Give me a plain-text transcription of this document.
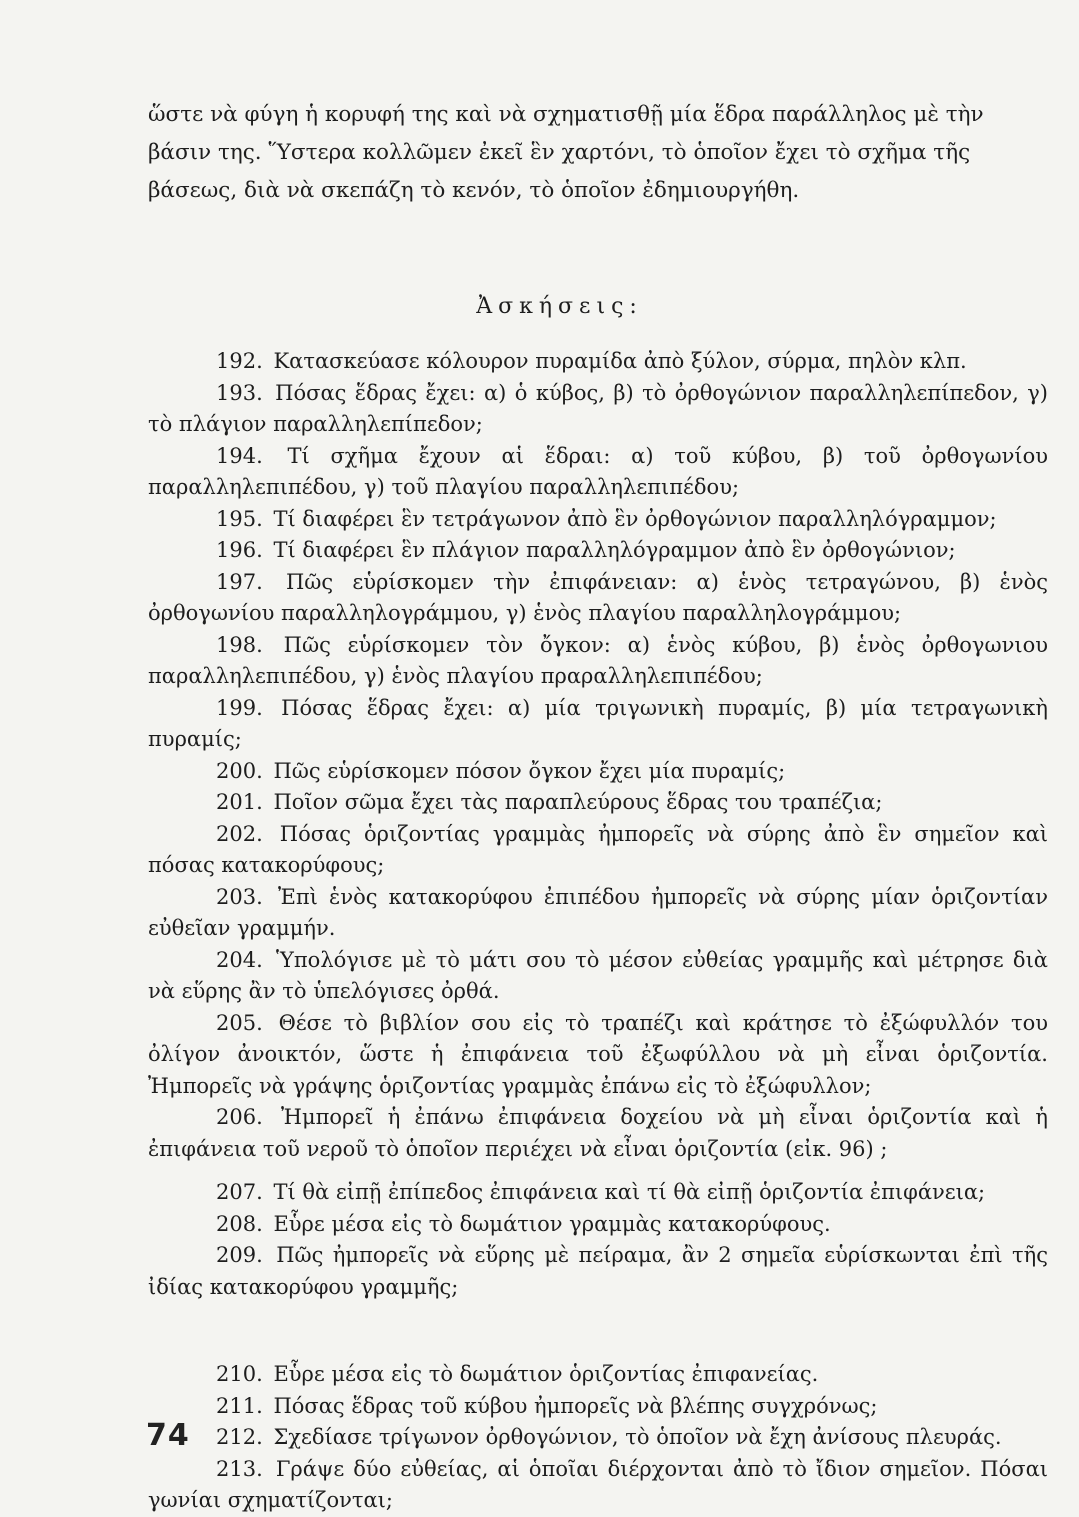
ὥστε νὰ φύγη ἡ κορυφή της καὶ νὰ σχηματισθῇ μία ἕδρα παράλληλος μὲ τὴν

βάσιν της. Ὕστερα κολλῶμεν ἐκεῖ ἓν χαρτόνι, τὸ ὁποῖον ἔχει τὸ σχῆμα τῆς

βάσεως, διὰ νὰ σκεπάζη τὸ κενόν, τὸ ὁποῖον ἐδημιουργήθη.

Ἀσκήσεις:

192. Κατασκεύασε κόλουρον πυραμίδα ἀπὸ ξύλον, σύρμα, πηλὸν κλπ.

193. Πόσας ἕδρας ἔχει: α) ὁ κύβος, β) τὸ ὀρθογώνιον παραλληλεπίπεδον, γ) τὸ πλάγιον παραλληλεπίπεδον;

194. Τί σχῆμα ἔχουν αἱ ἕδραι: α) τοῦ κύβου, β) τοῦ ὀρθογωνίου παραλληλεπιπέδου, γ) τοῦ πλαγίου παραλληλεπιπέδου;

195. Τί διαφέρει ἓν τετράγωνον ἀπὸ ἓν ὀρθογώνιον παραλληλόγραμμον;

196. Τί διαφέρει ἓν πλάγιον παραλληλόγραμμον ἀπὸ ἓν ὀρθογώνιον;

197. Πῶς εὑρίσκομεν τὴν ἐπιφάνειαν: α) ἑνὸς τετραγώνου, β) ἑνὸς ὀρθογωνίου παραλληλογράμμου, γ) ἑνὸς πλαγίου παραλληλογράμμου;

198. Πῶς εὑρίσκομεν τὸν ὄγκον: α) ἑνὸς κύβου, β) ἑνὸς ὀρθογωνιου παραλληλεπιπέδου, γ) ἑνὸς πλαγίου πραραλληλεπιπέδου;

199. Πόσας ἕδρας ἔχει: α) μία τριγωνικὴ πυραμίς, β) μία τετραγωνικὴ πυραμίς;

200. Πῶς εὑρίσκομεν πόσον ὄγκον ἔχει μία πυραμίς;

201. Ποῖον σῶμα ἔχει τὰς παραπλεύρους ἕδρας του τραπέζια;

202. Πόσας ὁριζοντίας γραμμὰς ἠμπορεῖς νὰ σύρης ἀπὸ ἓν σημεῖον καὶ πόσας κατακορύφους;

203. Ἐπὶ ἑνὸς κατακορύφου ἐπιπέδου ἠμπορεῖς νὰ σύρης μίαν ὁριζοντίαν εὐθεῖαν γραμμήν.

204. Ὑπολόγισε μὲ τὸ μάτι σου τὸ μέσον εὐθείας γραμμῆς καὶ μέτρησε διὰ νὰ εὕρης ἂν τὸ ὑπελόγισες ὀρθά.

205. Θέσε τὸ βιβλίον σου εἰς τὸ τραπέζι καὶ κράτησε τὸ ἐξώφυλλόν του ὀλίγον ἀνοικτόν, ὥστε ἡ ἐπιφάνεια τοῦ ἐξωφύλλου νὰ μὴ εἶναι ὁριζοντία. Ἠμπορεῖς νὰ γράψης ὁριζοντίας γραμμὰς ἐπάνω εἰς τὸ ἐξώφυλλον;

206. Ἠμπορεῖ ἡ ἐπάνω ἐπιφάνεια δοχείου νὰ μὴ εἶναι ὁριζοντία καὶ ἡ ἐπιφάνεια τοῦ νεροῦ τὸ ὁποῖον περιέχει νὰ εἶναι ὁριζοντία (εἰκ. 96) ;

207. Τί θὰ εἰπῇ ἐπίπεδος ἐπιφάνεια καὶ τί θὰ εἰπῇ ὁριζοντία ἐπιφάνεια;

208. Εὗρε μέσα εἰς τὸ δωμάτιον γραμμὰς κατακορύφους.

209. Πῶς ἠμπορεῖς νὰ εὕρης μὲ πείραμα, ἂν 2 σημεῖα εὑρίσκωνται ἐπὶ τῆς ἰδίας κατακορύφου γραμμῆς;

210. Εὗρε μέσα εἰς τὸ δωμάτιον ὁριζοντίας ἐπιφανείας.

211. Πόσας ἕδρας τοῦ κύβου ἠμπορεῖς νὰ βλέπης συγχρόνως;

212. Σχεδίασε τρίγωνον ὀρθογώνιον, τὸ ὁποῖον νὰ ἔχη ἀνίσους πλευράς.

213. Γράψε δύο εὐθείας, αἱ ὁποῖαι διέρχονται ἀπὸ τὸ ἴδιον σημεῖον. Πόσαι γωνίαι σχηματίζονται;

74
